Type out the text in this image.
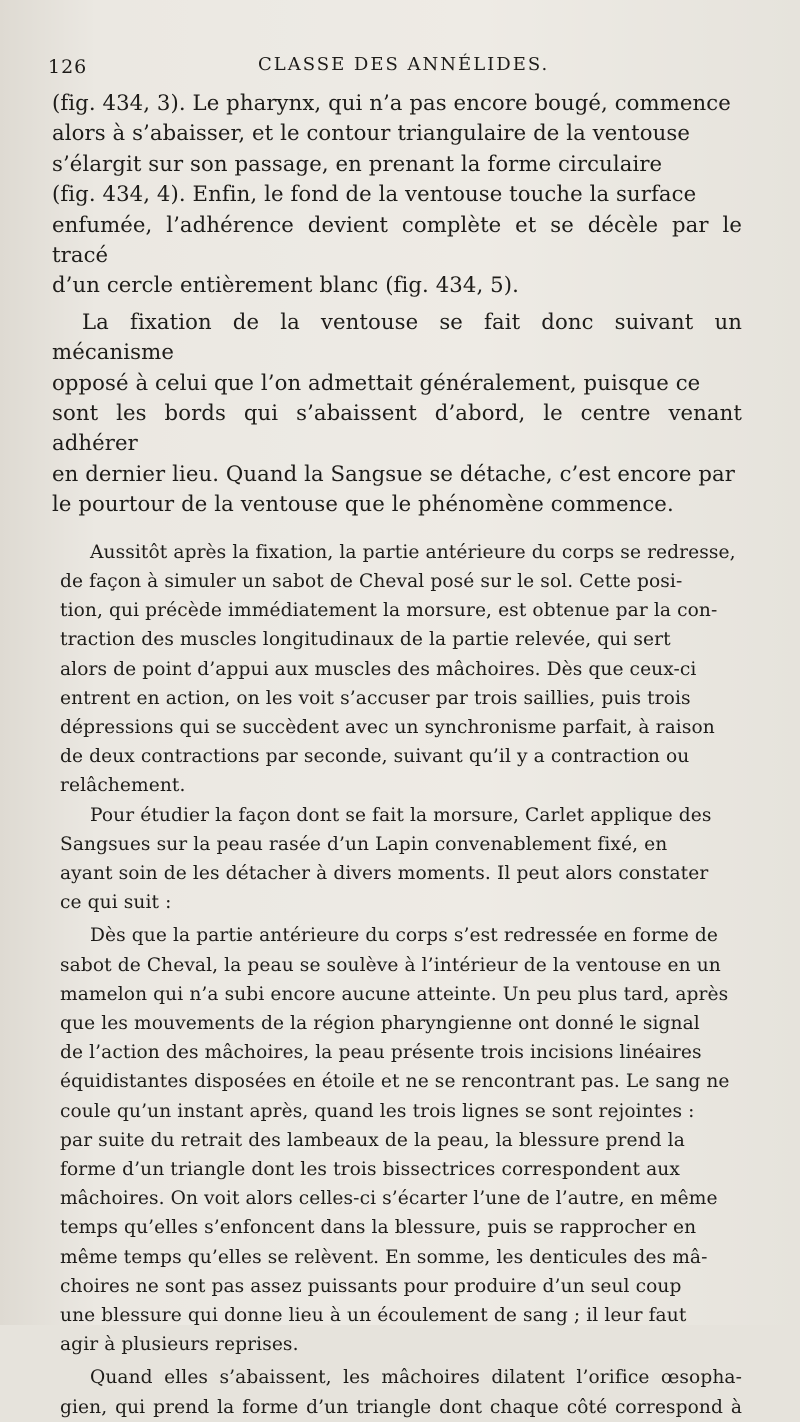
126	CLASSE DES ANNÉLIDES.

(fig. 434, 3). Le pharynx, qui n’a pas encore bougé, commence
alors à s’abaisser, et le contour triangulaire de la ventouse
s’élargit sur son passage, en prenant la forme circulaire
(fig. 434, 4). Enfin, le fond de la ventouse touche la surface
enfumée, l’adhérence devient complète et se décèle par le tracé
d’un cercle entièrement blanc (fig. 434, 5).

La fixation de la ventouse se fait donc suivant un mécanisme
opposé à celui que l’on admettait généralement, puisque ce
sont les bords qui s’abaissent d’abord, le centre venant adhérer
en dernier lieu. Quand la Sangsue se détache, c’est encore par
le pourtour de la ventouse que le phénomène commence.

Aussitôt après la fixation, la partie antérieure du corps se redresse,
de façon à simuler un sabot de Cheval posé sur le sol. Cette posi-
tion, qui précède immédiatement la morsure, est obtenue par la con-
traction des muscles longitudinaux de la partie relevée, qui sert
alors de point d’appui aux muscles des mâchoires. Dès que ceux-ci
entrent en action, on les voit s’accuser par trois saillies, puis trois
dépressions qui se succèdent avec un synchronisme parfait, à raison
de deux contractions par seconde, suivant qu’il y a contraction ou
relâchement.

Pour étudier la façon dont se fait la morsure, Carlet applique des
Sangsues sur la peau rasée d’un Lapin convenablement fixé, en
ayant soin de les détacher à divers moments. Il peut alors constater
ce qui suit :

Dès que la partie antérieure du corps s’est redressée en forme de
sabot de Cheval, la peau se soulève à l’intérieur de la ventouse en un
mamelon qui n’a subi encore aucune atteinte. Un peu plus tard, après
que les mouvements de la région pharyngienne ont donné le signal
de l’action des mâchoires, la peau présente trois incisions linéaires
équidistantes disposées en étoile et ne se rencontrant pas. Le sang ne
coule qu’un instant après, quand les trois lignes se sont rejointes :
par suite du retrait des lambeaux de la peau, la blessure prend la
forme d’un triangle dont les trois bissectrices correspondent aux
mâchoires. On voit alors celles-ci s’écarter l’une de l’autre, en même
temps qu’elles s’enfoncent dans la blessure, puis se rapprocher en
même temps qu’elles se relèvent. En somme, les denticules des mâ-
choires ne sont pas assez puissants pour produire d’un seul coup
une blessure qui donne lieu à un écoulement de sang ; il leur faut
agir à plusieurs reprises.

Quand elles s’abaissent, les mâchoires dilatent l’orifice œsopha-
gien, qui prend la forme d’un triangle dont chaque côté correspond à
